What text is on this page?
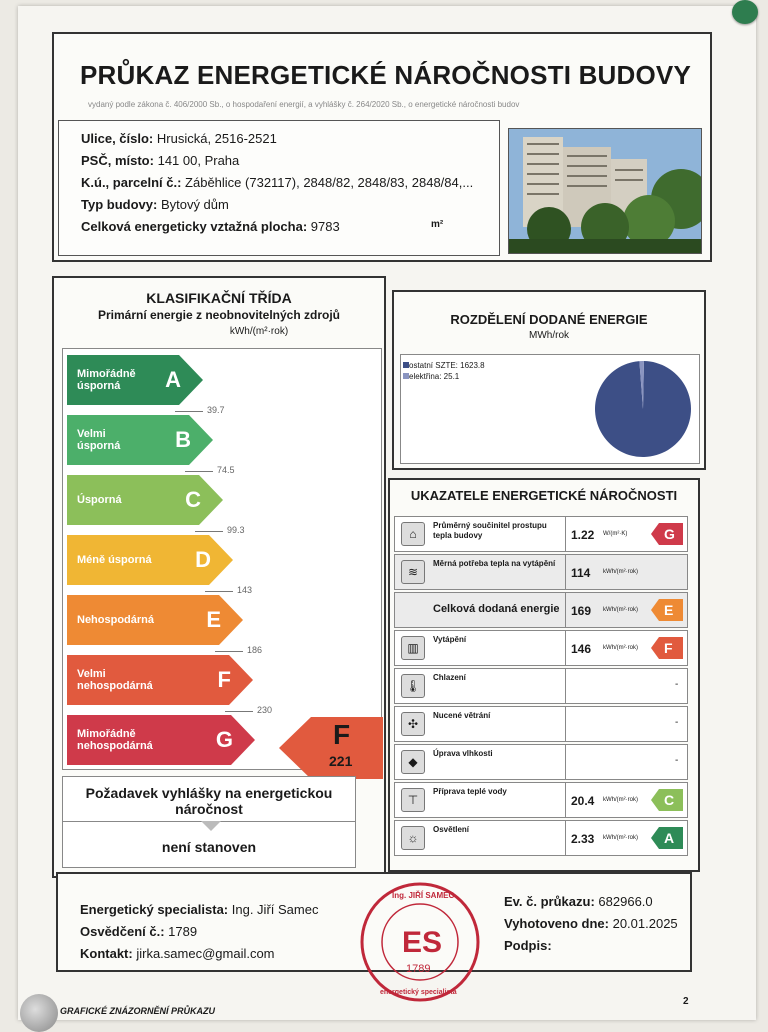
PRŮKAZ ENERGETICKÉ NÁROČNOSTI BUDOVY
vydaný podle zákona č. 406/2000 Sb., o hospodaření energií, a vyhlášky č. 264/2020 Sb., o energetické náročnosti budov
Ulice, číslo: Hrusická, 2516-2521
PSČ, místo: 141 00, Praha
K.ú., parcelní č.: Záběhlice (732117), 2848/82, 2848/83, 2848/84,...
Typ budovy: Bytový dům
Celková energeticky vztažná plocha: 9783	m²
KLASIFIKAČNÍ TŘÍDA
Primární energie z neobnovitelných zdrojů
kWh/(m²·rok)
Mimořádně
úsporná	A
39.7
Velmi
úsporná B
74.5
Úsporná	C
99.3
Méně úsporná D
143
Nehospodárná E
186
Velmi
nehospodárná	F
230
Mimořádně
nehospodárná	G	F
221
Požadavek vyhlášky na energetickou
náročnost
není stanoven
ROZDĚLENÍ DODANÉ ENERGIE
MWh/rok
ostatní SZTE: 1623.8
elektřina: 25.1
UKAZATELE ENERGETICKÉ NÁROČNOSTI
⌂
Průměrný součinitel prostupu tepla budovy	1.22 W/(m²·K)	G
≋
Měrná potřeba tepla na vytápění
114 kWh/(m²·rok)
Celková dodaná energie 169 kWh/(m²·rok) E
▥
Vytápění
146 kWh/(m²·rok) F
🌡
Chlazení
-
✣
Nucené větrání
-
◆
Úprava vlhkosti
-
⊤
Příprava teplé vody
20.4 kWh/(m²·rok) C
☼
Osvětlení
2.33 kWh/(m²·rok) A
Energetický specialista: Ing. Jiří Samec
Osvědčení č.: 1789
Kontakt: jirka.samec@gmail.com
Ev. č. průkazu: 682966.0
Vyhotoveno dne: 20.01.2025
Podpis:
ES
1789
Ing. JIŘÍ SAMEC
energetický specialista
GRAFICKÉ ZNÁZORNĚNÍ PRŮKAZU
2
